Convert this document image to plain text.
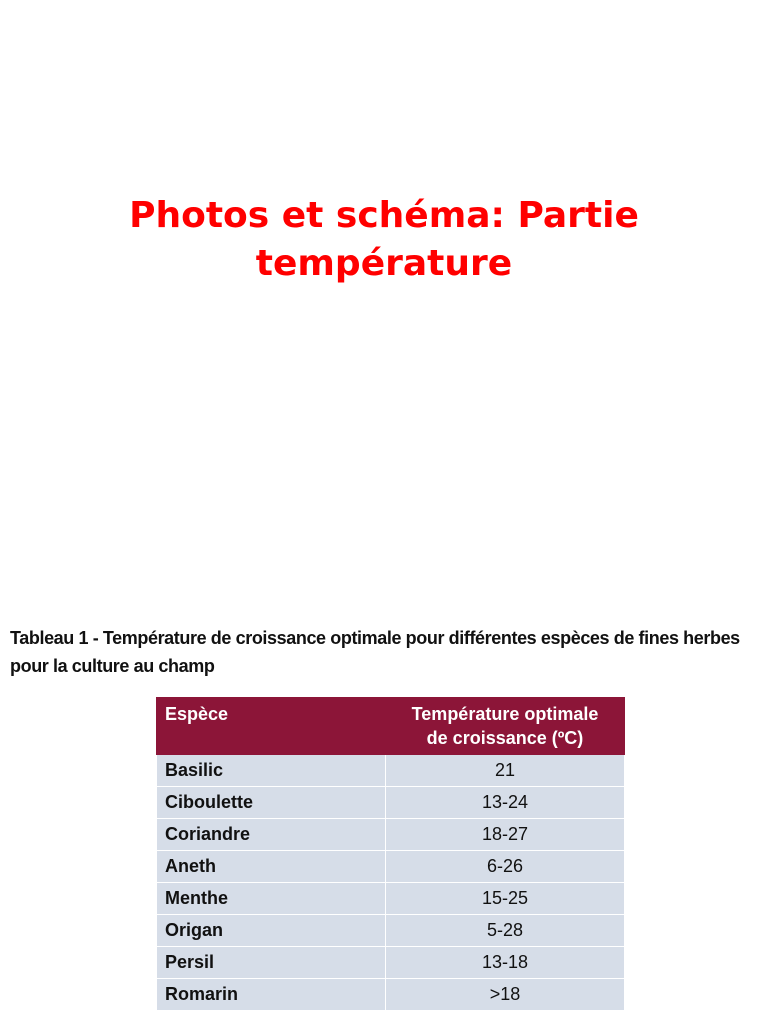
Photos et schéma: Partie
température
Tableau 1 - Température de croissance optimale pour différentes espèces de fines herbes
pour la culture au champ
Espèce	Température optimale
de croissance (ºC)
Basilic	21
Ciboulette	13-24
Coriandre	18-27
Aneth	6-26
Menthe	15-25
Origan	5-28
Persil	13-18
Romarin	>18
